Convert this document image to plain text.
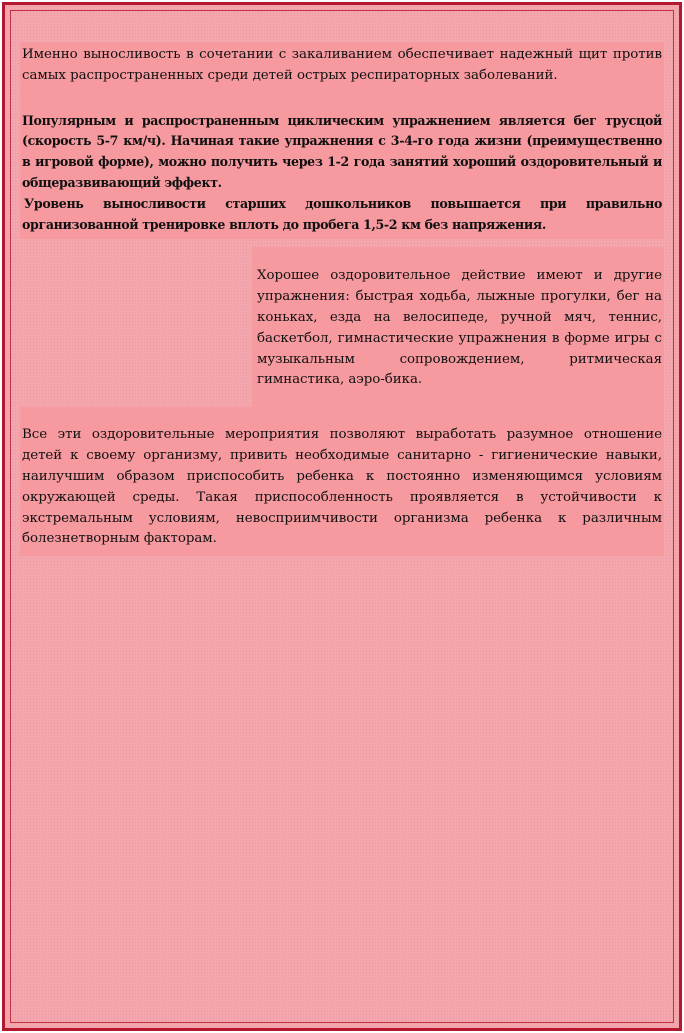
Именно выносливость в сочетании с закаливанием обеспечивает надежный щит против самых распространенных среди детей острых респираторных заболеваний.

Популярным и распространенным циклическим упражнением является бег трусцой (скорость 5-7 км/ч). Начиная такие упражнения с 3-4-го года жизни (преимущественно в игровой форме), можно получить через 1-2 года занятий хороший оздоровительный и общеразвивающий эффект.
Уровень выносливости старших дошкольников повышается при правильно организованной тренировке вплоть до пробега 1,5-2 км без напряжения.

Хорошее оздоровительное действие имеют и другие упражнения: быстрая ходьба, лыжные прогулки, бег на коньках, езда на велосипеде, ручной мяч, теннис, баскетбол, гимнастические упражнения в форме игры с музыкальным сопровождением, ритмическая гимнастика, аэро-бика.

Все эти оздоровительные мероприятия позволяют выработать разумное отношение детей к своему организму, привить необходимые санитарно - гигиенические навыки, наилучшим образом приспособить ребенка к постоянно изменяющимся условиям окружающей среды. Такая приспособленность проявляется в устойчивости к экстремальным условиям, невосприимчивости организма ребенка к различным болезнетворным факторам.
